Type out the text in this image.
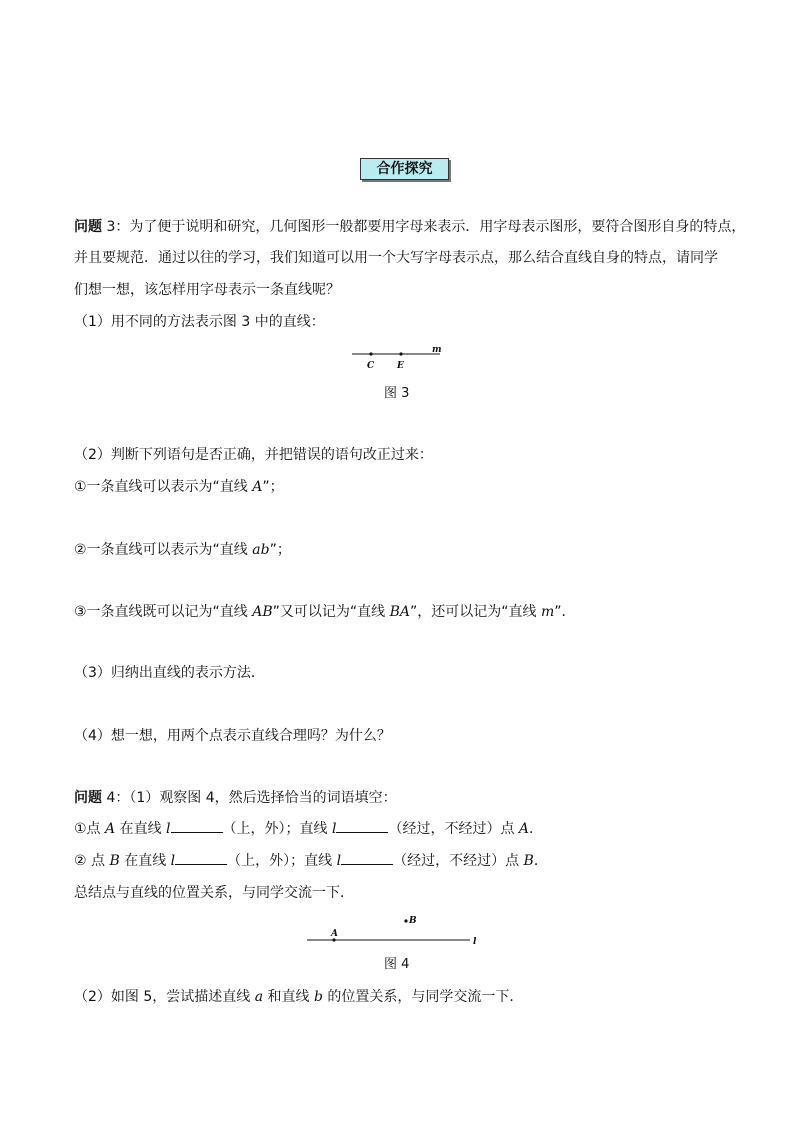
合作探究
问题 3：为了便于说明和研究，几何图形一般都要用字母来表示．用字母表示图形，要符合图形自身的特点，
并且要规范．通过以往的学习，我们知道可以用一个大写字母表示点，那么结合直线自身的特点，请同学
们想一想，该怎样用字母表示一条直线呢？
（1）用不同的方法表示图 3 中的直线：
m
C	E
图 3
（2）判断下列语句是否正确，并把错误的语句改正过来：
①一条直线可以表示为“直线 A”；
②一条直线可以表示为“直线 ab”；
③一条直线既可以记为“直线 AB”又可以记为“直线 BA”，还可以记为“直线 m”．
（3）归纳出直线的表示方法．
（4）想一想，用两个点表示直线合理吗？为什么？
问题 4：（1）观察图 4，然后选择恰当的词语填空：
①点 A 在直线 l	（上，外）；直线 l	（经过，不经过）点 A．
② 点 B 在直线 l	（上，外）；直线 l	（经过，不经过）点 B．
总结点与直线的位置关系，与同学交流一下．
A
B
l
图 4
（2）如图 5，尝试描述直线 a 和直线 b 的位置关系，与同学交流一下．
